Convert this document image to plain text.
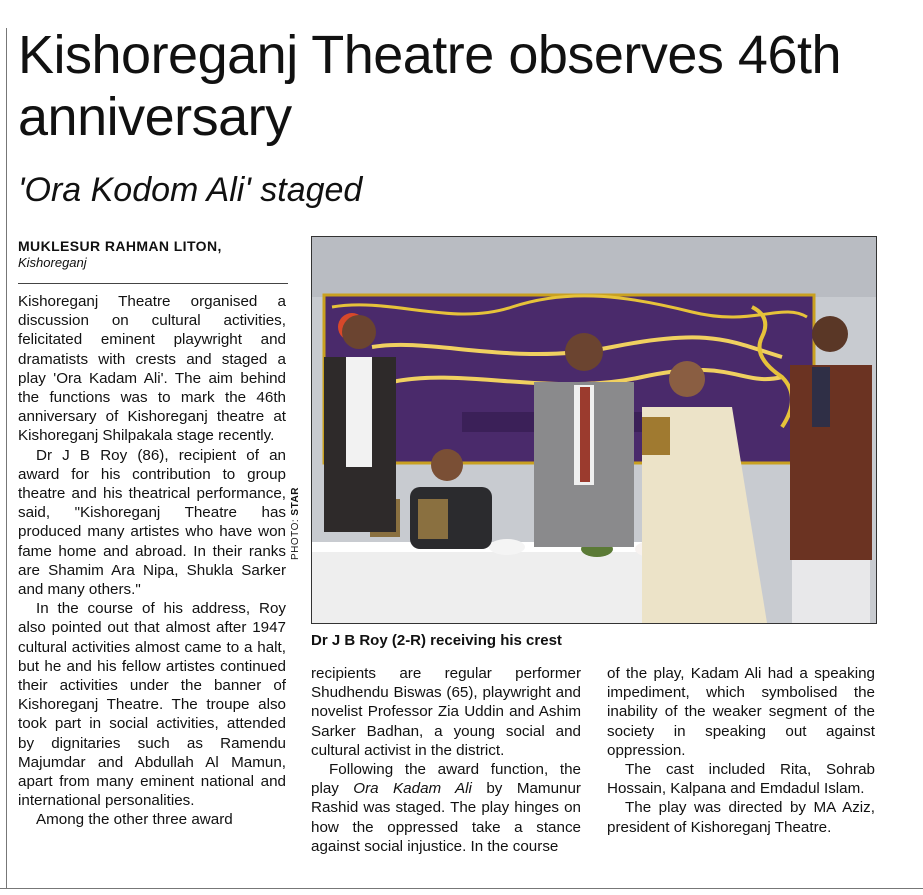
Kishoreganj Theatre observes 46th anniversary
'Ora Kodom Ali' staged
MUKLESUR RAHMAN LITON,
Kishoreganj

Kishoreganj Theatre organised a discussion on cultural activities, felicitated eminent playwright and dramatists with crests and staged a play 'Ora Kadam Ali'. The aim behind the functions was to mark the 46th anniversary of Kishoreganj theatre at Kishoreganj Shilpakala stage recently.

Dr J B Roy (86), recipient of an award for his contribution to group theatre and his theatrical performance, said, "Kishoreganj Theatre has produced many artistes who have won fame home and abroad. In their ranks are Shamim Ara Nipa, Shukla Sarker and many others."

In the course of his address, Roy also pointed out that almost after 1947 cultural activities almost came to a halt, but he and his fellow artistes continued their activities under the banner of Kishoreganj Theatre. The troupe also took part in social activities, attended by dignitaries such as Ramendu Majumdar and Abdullah Al Mamun, apart from many eminent national and international personalities.

Among the other three award

PHOTO: STAR
Dr J B Roy (2-R) receiving his crest

recipients are regular performer Shudhendu Biswas (65), playwright and novelist Professor Zia Uddin and Ashim Sarker Badhan, a young social and cultural activist in the district.

Following the award function, the play Ora Kadam Ali by Mamunur Rashid was staged. The play hinges on how the oppressed take a stance against social injustice. In the course

of the play, Kadam Ali had a speaking impediment, which symbolised the inability of the weaker segment of the society in speaking out against oppression.

The cast included Rita, Sohrab Hossain, Kalpana and Emdadul Islam.

The play was directed by MA Aziz, president of Kishoreganj Theatre.
